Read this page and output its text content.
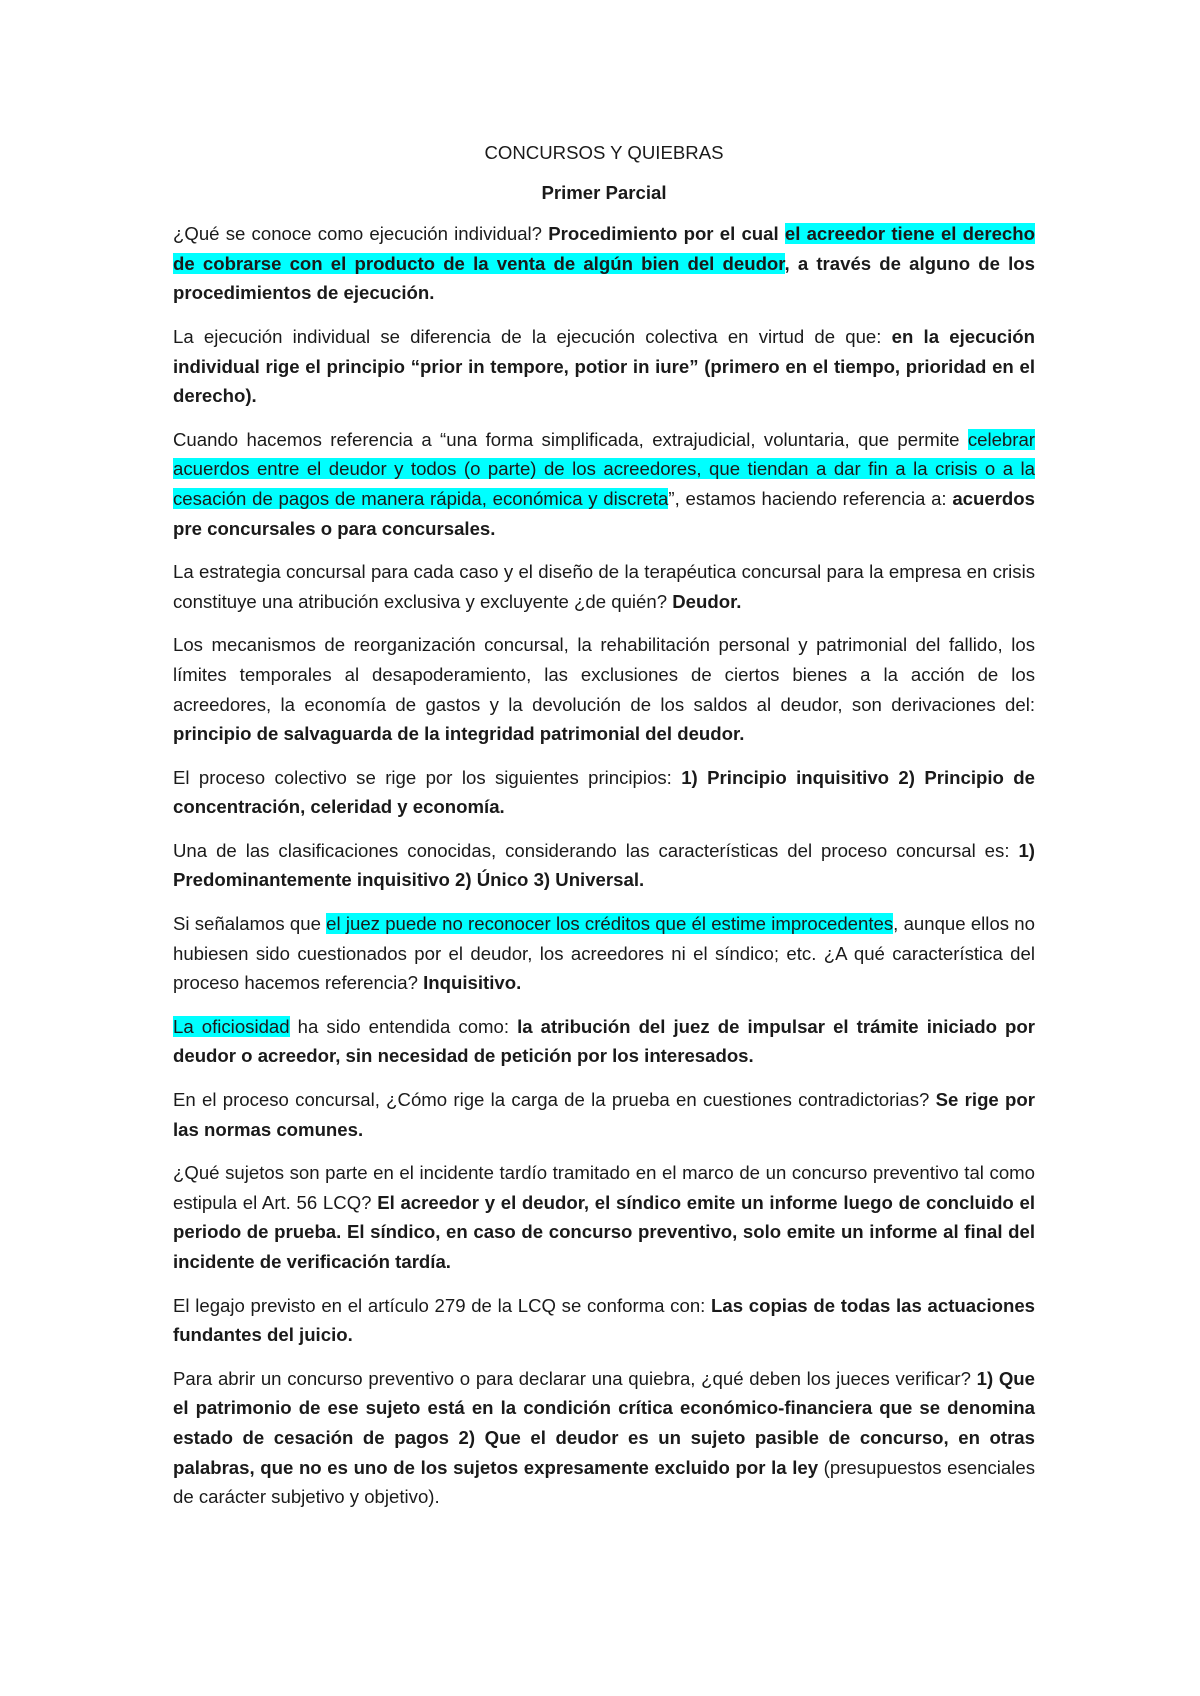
CONCURSOS Y QUIEBRAS
Primer Parcial
¿Qué se conoce como ejecución individual? Procedimiento por el cual el acreedor tiene el derecho de cobrarse con el producto de la venta de algún bien del deudor, a través de alguno de los procedimientos de ejecución.
La ejecución individual se diferencia de la ejecución colectiva en virtud de que: en la ejecución individual rige el principio “prior in tempore, potior in iure” (primero en el tiempo, prioridad en el derecho).
Cuando hacemos referencia a “una forma simplificada, extrajudicial, voluntaria, que permite celebrar acuerdos entre el deudor y todos (o parte) de los acreedores, que tiendan a dar fin a la crisis o a la cesación de pagos de manera rápida, económica y discreta”, estamos haciendo referencia a: acuerdos pre concursales o para concursales.
La estrategia concursal para cada caso y el diseño de la terapéutica concursal para la empresa en crisis constituye una atribución exclusiva y excluyente ¿de quién? Deudor.
Los mecanismos de reorganización concursal, la rehabilitación personal y patrimonial del fallido, los límites temporales al desapoderamiento, las exclusiones de ciertos bienes a la acción de los acreedores, la economía de gastos y la devolución de los saldos al deudor, son derivaciones del: principio de salvaguarda de la integridad patrimonial del deudor.
El proceso colectivo se rige por los siguientes principios: 1) Principio inquisitivo 2) Principio de concentración, celeridad y economía.
Una de las clasificaciones conocidas, considerando las características del proceso concursal es: 1) Predominantemente inquisitivo 2) Único 3) Universal.
Si señalamos que el juez puede no reconocer los créditos que él estime improcedentes, aunque ellos no hubiesen sido cuestionados por el deudor, los acreedores ni el síndico; etc. ¿A qué característica del proceso hacemos referencia? Inquisitivo.
La oficiosidad ha sido entendida como: la atribución del juez de impulsar el trámite iniciado por deudor o acreedor, sin necesidad de petición por los interesados.
En el proceso concursal, ¿Cómo rige la carga de la prueba en cuestiones contradictorias? Se rige por las normas comunes.
¿Qué sujetos son parte en el incidente tardío tramitado en el marco de un concurso preventivo tal como estipula el Art. 56 LCQ? El acreedor y el deudor, el síndico emite un informe luego de concluido el periodo de prueba. El síndico, en caso de concurso preventivo, solo emite un informe al final del incidente de verificación tardía.
El legajo previsto en el artículo 279 de la LCQ se conforma con: Las copias de todas las actuaciones fundantes del juicio.
Para abrir un concurso preventivo o para declarar una quiebra, ¿qué deben los jueces verificar? 1) Que el patrimonio de ese sujeto está en la condición crítica económico-financiera que se denomina estado de cesación de pagos 2) Que el deudor es un sujeto pasible de concurso, en otras palabras, que no es uno de los sujetos expresamente excluido por la ley (presupuestos esenciales de carácter subjetivo y objetivo).
